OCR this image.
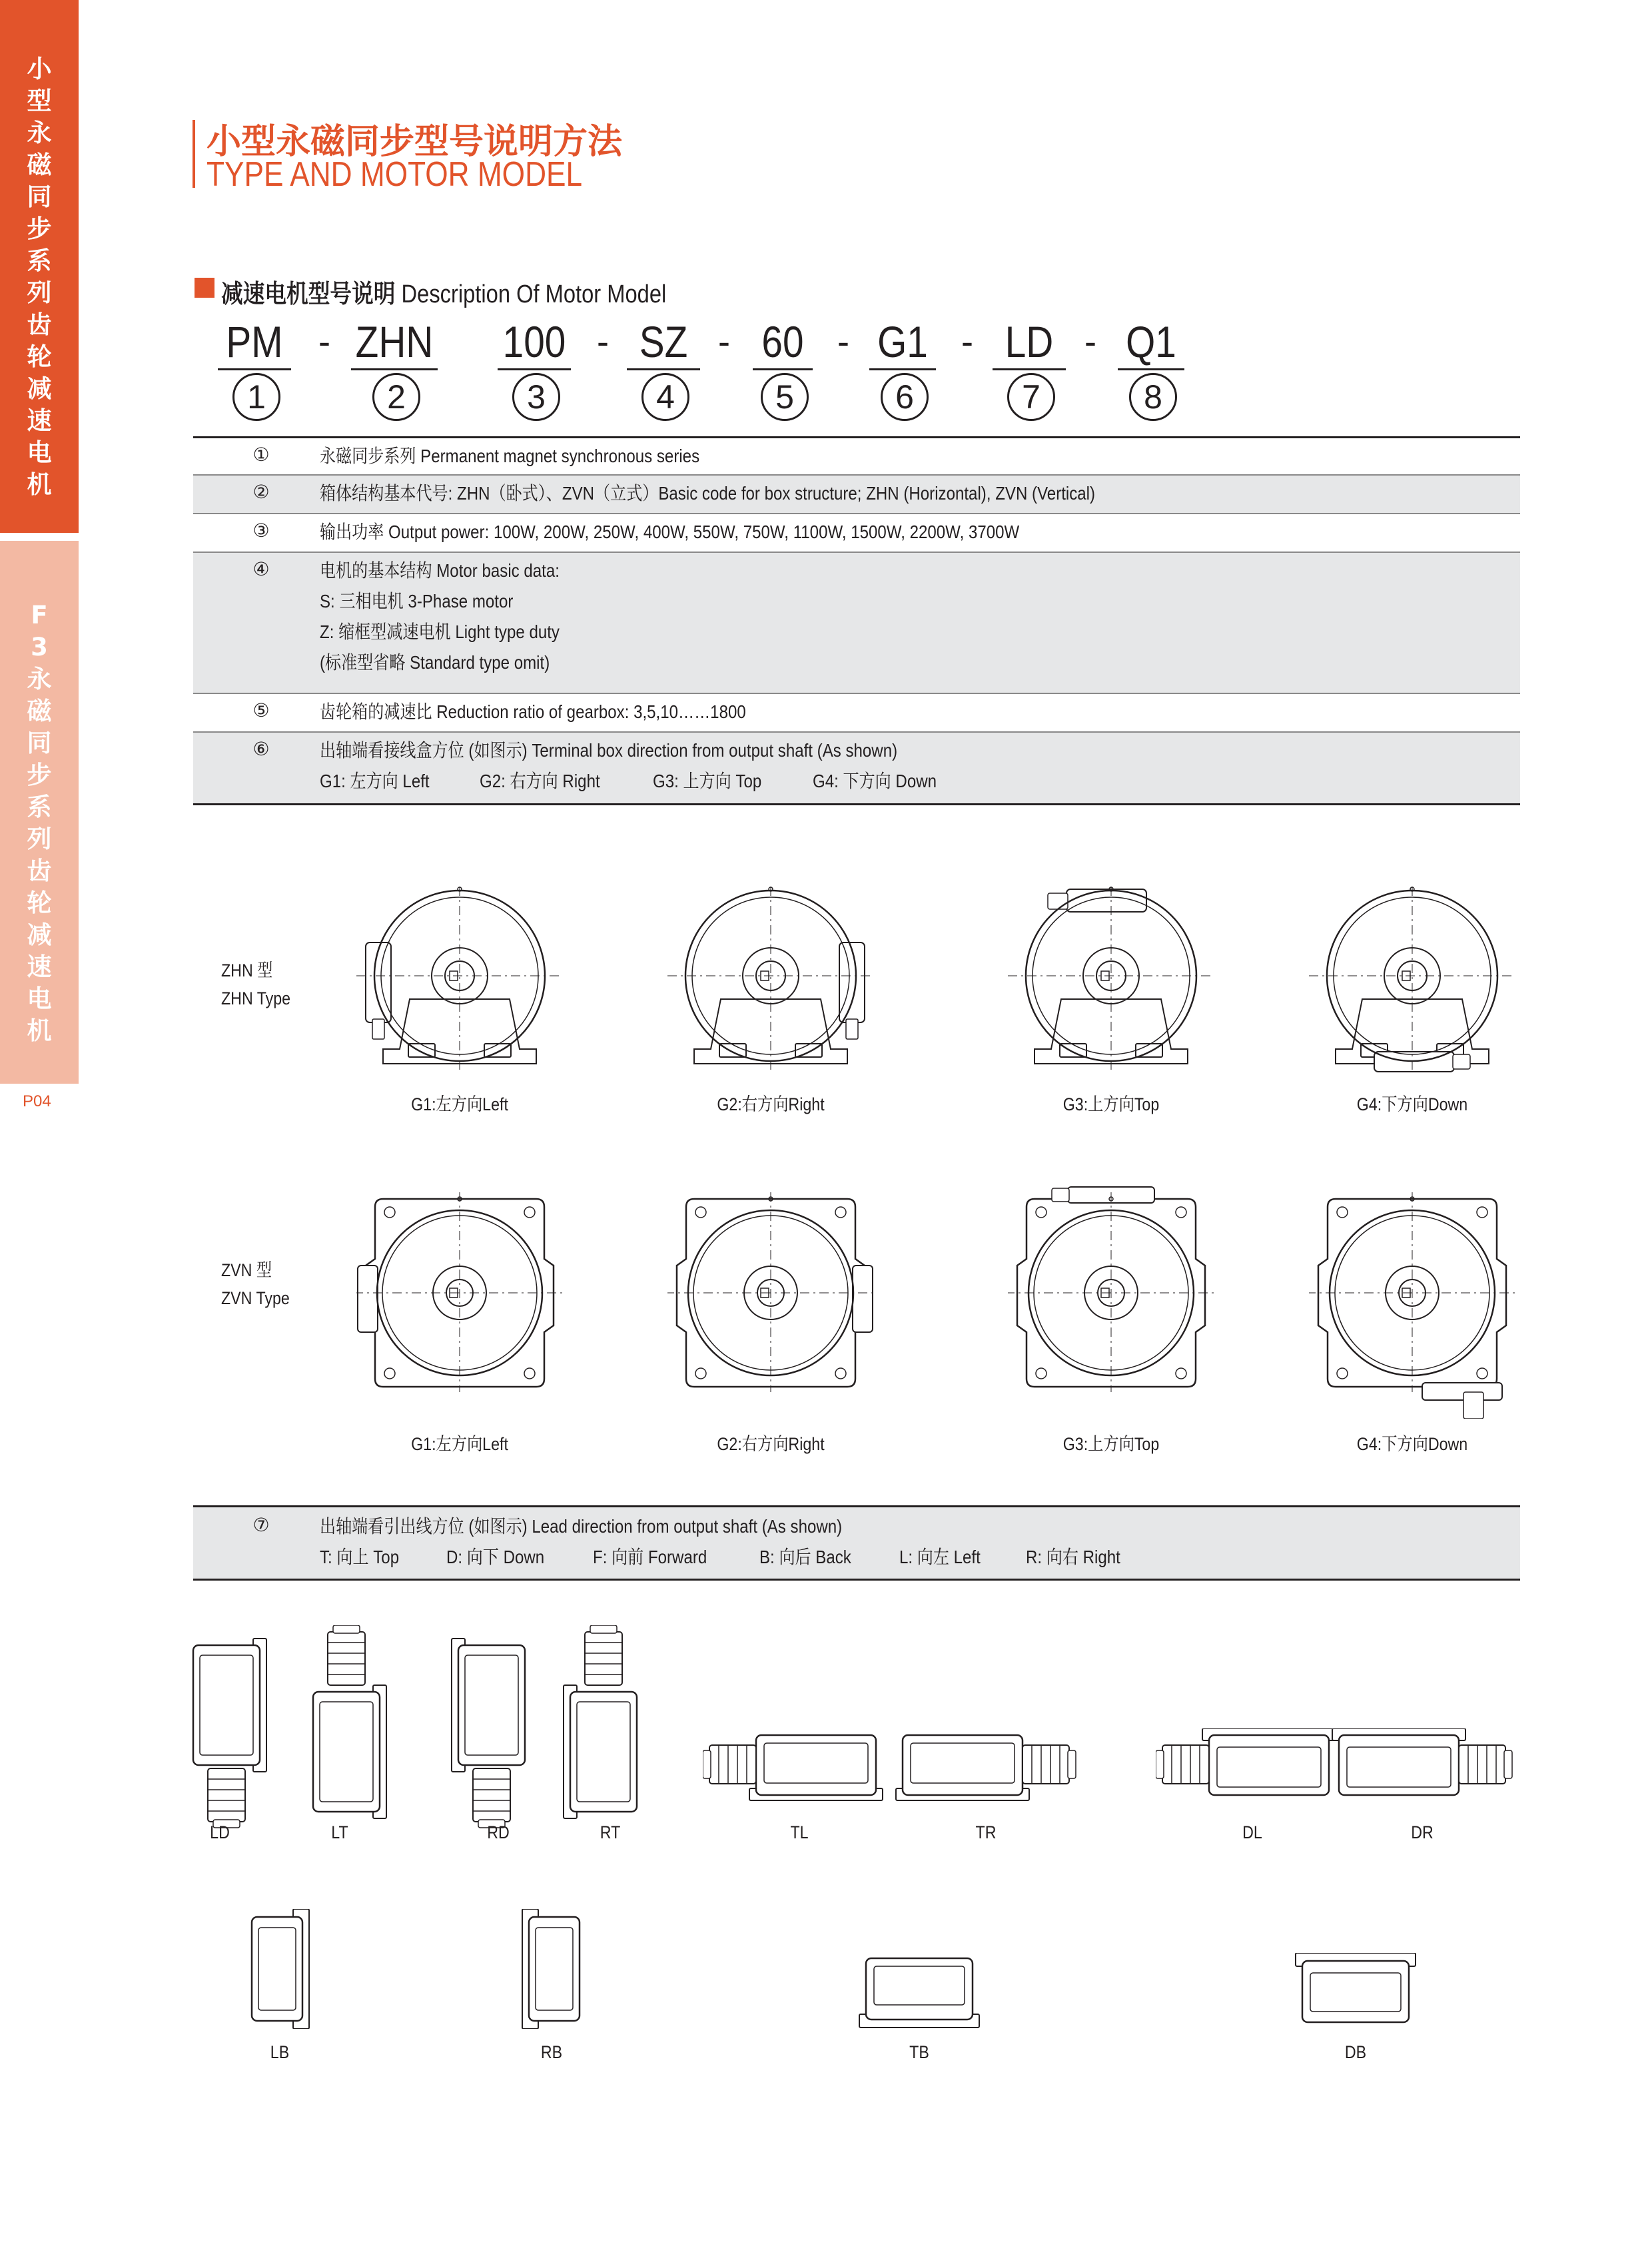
小
型
永
磁
同
步
系
列
齿
轮
减
速
电
机
F
3
永
磁
同
步
系
列
齿
轮
减
速
电
机
P04
小型永磁同步型号说明方法
TYPE AND MOTOR MODEL
减速电机型号说明 Description Of Motor Model
PM
1
ZHN
2
100
3
SZ
4
60
5
G1
6
LD
7
Q1
8
-	-	-	-	-	-
①	永磁同步系列 Permanent magnet synchronous series
②	箱体结构基本代号: ZHN（卧式）、ZVN（立式）Basic code for box structure; ZHN (Horizontal), ZVN (Vertical)
③	输出功率 Output power: 100W, 200W, 250W, 400W, 550W, 750W, 1100W, 1500W, 2200W, 3700W
④	电机的基本结构 Motor basic data:
S: 三相电机 3-Phase motor
Z: 缩框型减速电机 Light type duty
(标准型省略 Standard type omit)
⑤	齿轮箱的减速比 Reduction ratio of gearbox: 3,5,10……1800
⑥	出轴端看接线盒方位 (如图示) Terminal box direction from output shaft (As shown)
G1: 左方向 Left	G2: 右方向 Right	G3: 上方向 Top	G4: 下方向 Down
ZHN 型
ZHN Type
G1:左方向Left	G2:右方向Right	G3:上方向Top	G4:下方向Down
ZVN 型
ZVN Type
G1:左方向Left	G2:右方向Right	G3:上方向Top	G4:下方向Down
⑦	出轴端看引出线方位 (如图示) Lead direction from output shaft (As shown)
T: 向上 Top	D: 向下 Down	F: 向前 Forward	B: 向后 Back	L: 向左 Left R: 向右 Right
LD	LT	RD	RT	TL	TR	DL	DR
LB	RB	TB	DB
